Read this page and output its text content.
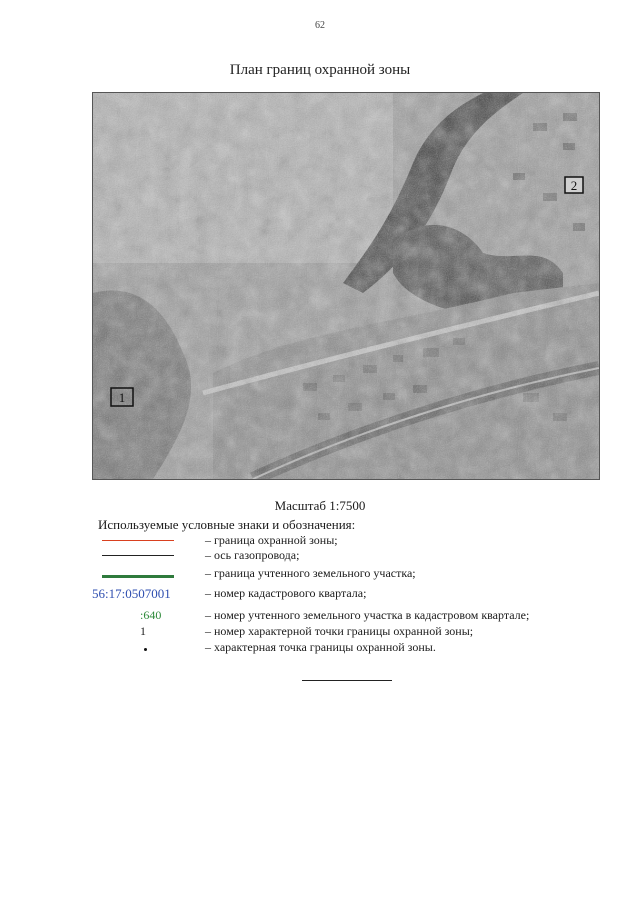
62
План границ охранной зоны
1
2
Масштаб 1:7500
Используемые условные знаки и обозначения:
– граница охранной зоны;
– ось газопровода;
– граница учтенного земельного участка;
56:17:0507001	– номер кадастрового квартала;
:640	– номер учтенного земельного участка в кадастровом квартале;
1	– номер характерной точки границы охранной зоны;
– характерная точка границы охранной зоны.
